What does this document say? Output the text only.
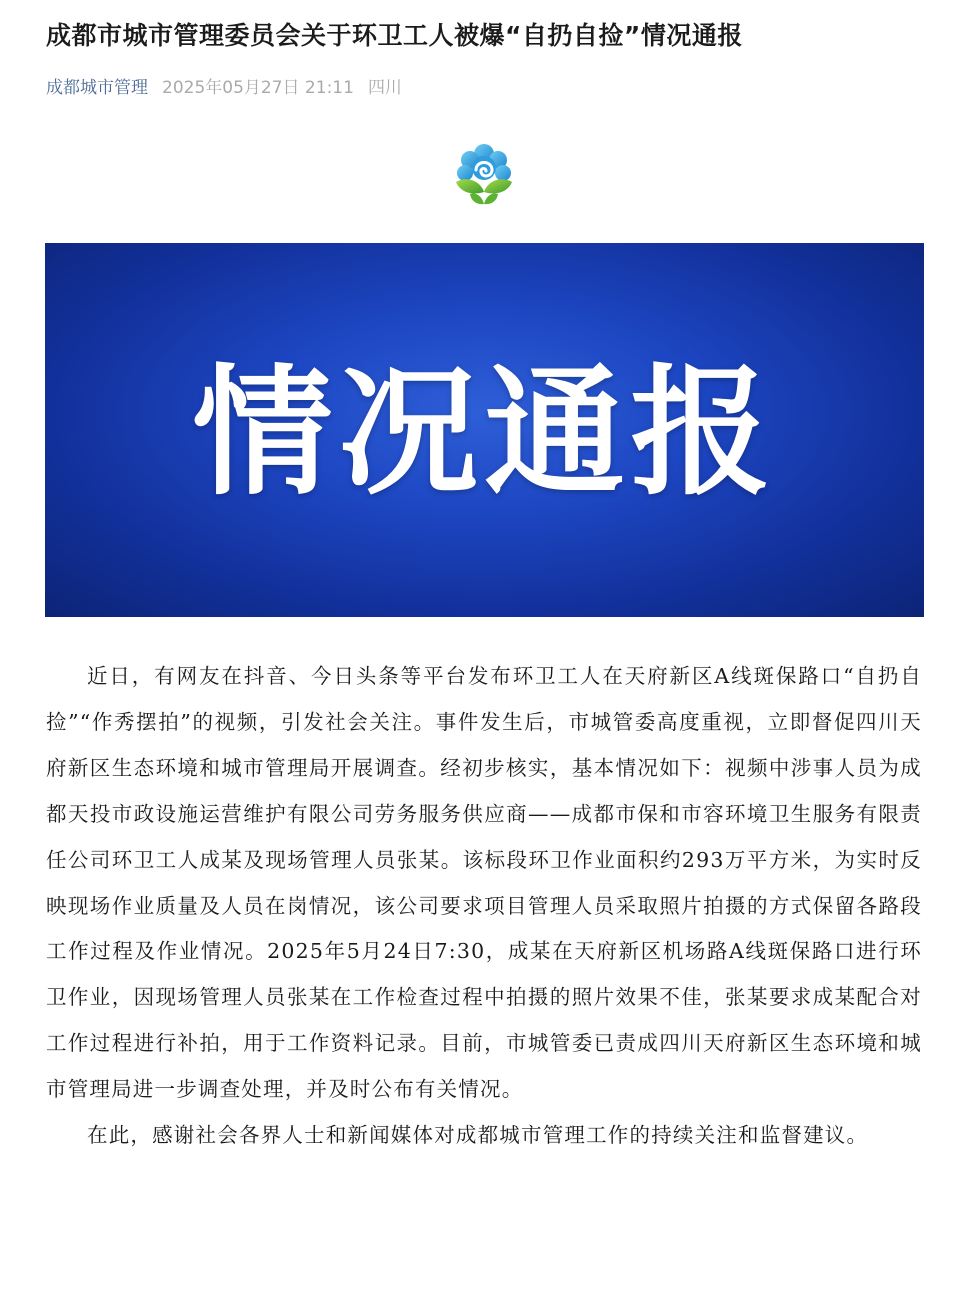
成都市城市管理委员会关于环卫工人被爆“自扔自捡”情况通报
成都城市管理 2025年05月27日 21:11 四川
情况通报

近日，有网友在抖音、今日头条等平台发布环卫工人在天府新区A线斑保路口“自扔自捡”“作秀摆拍”的视频，引发社会关注。事件发生后，市城管委高度重视，立即督促四川天府新区生态环境和城市管理局开展调查。经初步核实，基本情况如下：视频中涉事人员为成都天投市政设施运营维护有限公司劳务服务供应商——成都市保和市容环境卫生服务有限责任公司环卫工人成某及现场管理人员张某。该标段环卫作业面积约293万平方米，为实时反映现场作业质量及人员在岗情况，该公司要求项目管理人员采取照片拍摄的方式保留各路段工作过程及作业情况。2025年5月24日7:30，成某在天府新区机场路A线斑保路口进行环卫作业，因现场管理人员张某在工作检查过程中拍摄的照片效果不佳，张某要求成某配合对工作过程进行补拍，用于工作资料记录。目前，市城管委已责成四川天府新区生态环境和城市管理局进一步调查处理，并及时公布有关情况。

在此，感谢社会各界人士和新闻媒体对成都城市管理工作的持续关注和监督建议。
